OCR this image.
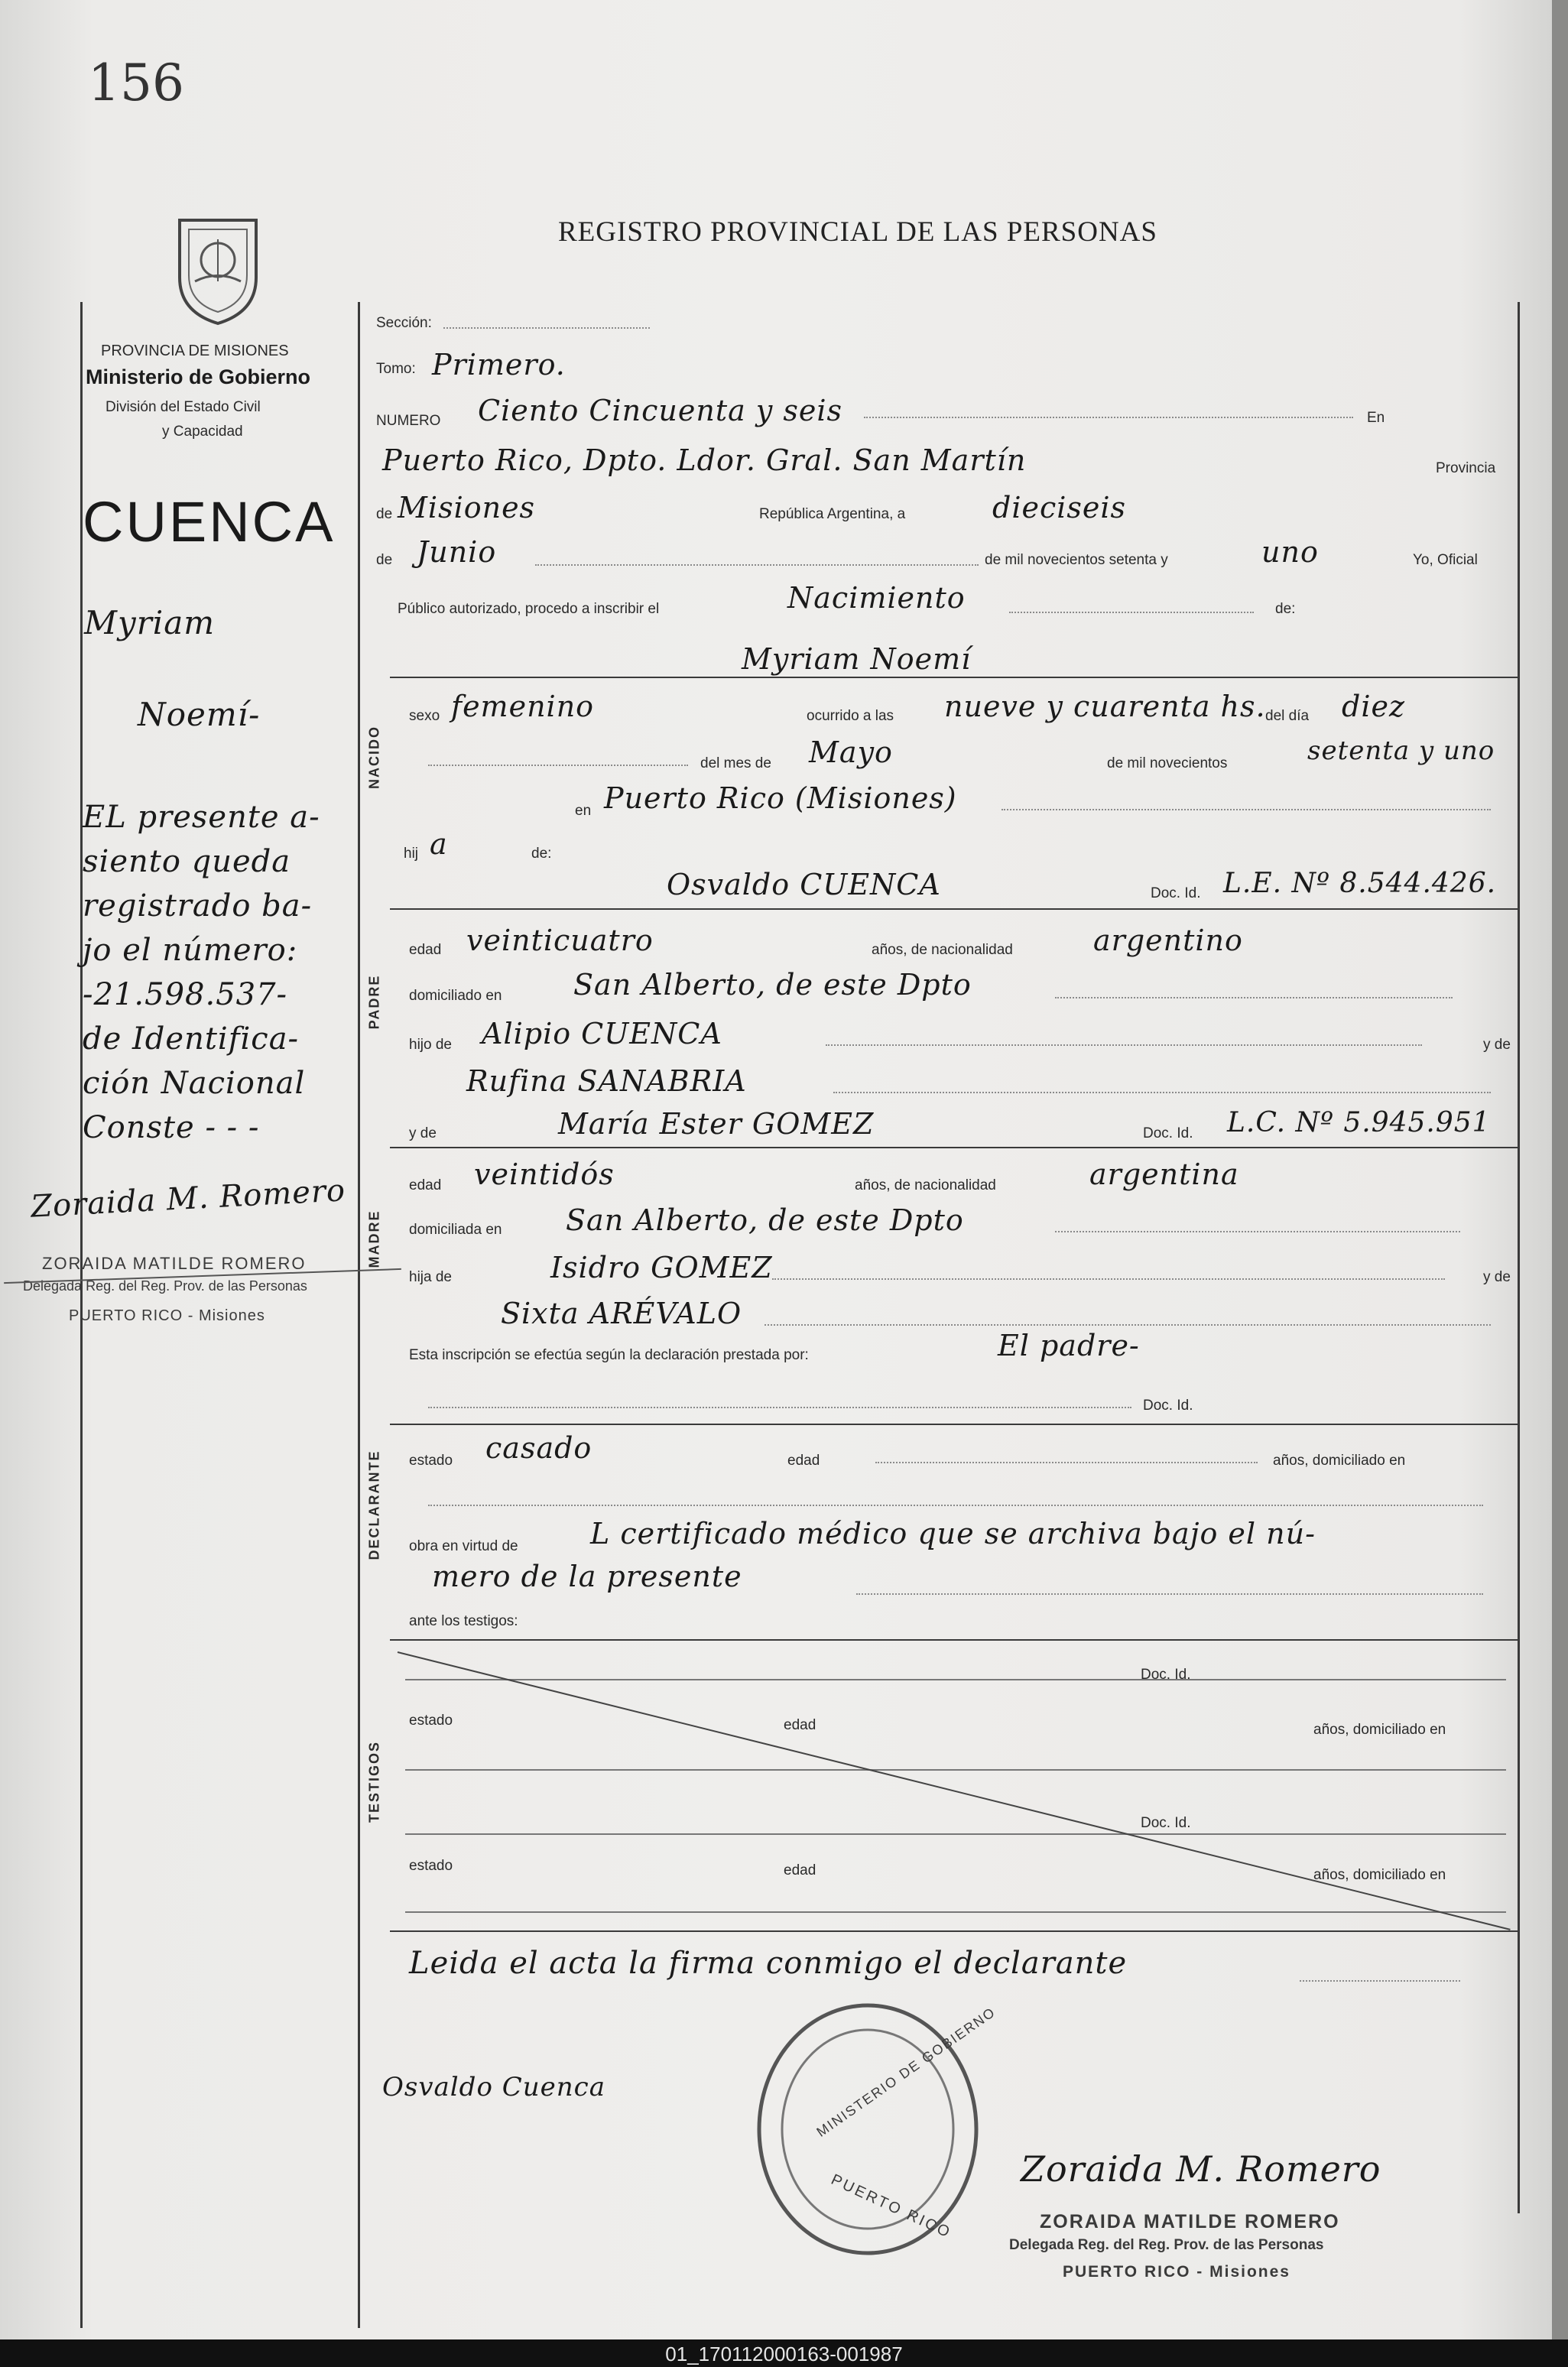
156
REGISTRO PROVINCIAL DE LAS PERSONAS
PROVINCIA DE MISIONES
Ministerio de Gobierno
División del Estado Civil
y Capacidad
CUENCA
Myriam
Noemí-
EL presente a-
siento queda
registrado ba-
jo el número:
-21.598.537-
de Identifica-
ción Nacional
Conste - - -
Zoraida M. Romero
ZORAIDA MATILDE ROMERO
Delegada Reg. del Reg. Prov. de las Personas
PUERTO RICO - Misiones
Sección:
Tomo: Primero.
NUMERO Ciento Cincuenta y seis	En
Puerto Rico, Dpto. Ldor. Gral. San Martín	Provincia
de Misiones	República Argentina, a	dieciseis
de Junio	de mil novecientos setenta y	uno	Yo, Oficial
Público autorizado, procedo a inscribir el	Nacimiento	de:
Myriam Noemí
NACIDO
sexo femenino	ocurrido a las nueve y cuarenta hs. del día diez
del mes de Mayo	de mil novecientos	setenta y uno
en Puerto Rico (Misiones)
hij a	de:
Osvaldo CUENCA	Doc. Id. L.E. Nº 8.544.426.
PADRE
edad veinticuatro	años, de nacionalidad	argentino
domiciliado en San Alberto, de este Dpto
hijo de Alipio CUENCA	y de
Rufina SANABRIA
y de	María Ester GOMEZ	Doc. Id. L.C. Nº 5.945.951
MADRE
edad veintidós	años, de nacionalidad	argentina
domiciliada en San Alberto, de este Dpto
hija de	Isidro GOMEZ	y de
Sixta ARÉVALO
Esta inscripción se efectúa según la declaración prestada por:	El padre-
Doc. Id.
DECLARANTE estado casado	edad	años, domiciliado en
obra en virtud de L certificado médico que se archiva bajo el nú-
mero de la presente
ante los testigos:
TESTIGOS
Doc. Id.
estado	edad	años, domiciliado en
Doc. Id.
estado	edad	años, domiciliado en
Leida el acta la firma conmigo el declarante
Osvaldo Cuenca	MINISTERIO DE GOBIERNO
PUERTO RICO
Zoraida M. Romero
ZORAIDA MATILDE ROMERO
Delegada Reg. del Reg. Prov. de las Personas
PUERTO RICO - Misiones
01_170112000163-001987
